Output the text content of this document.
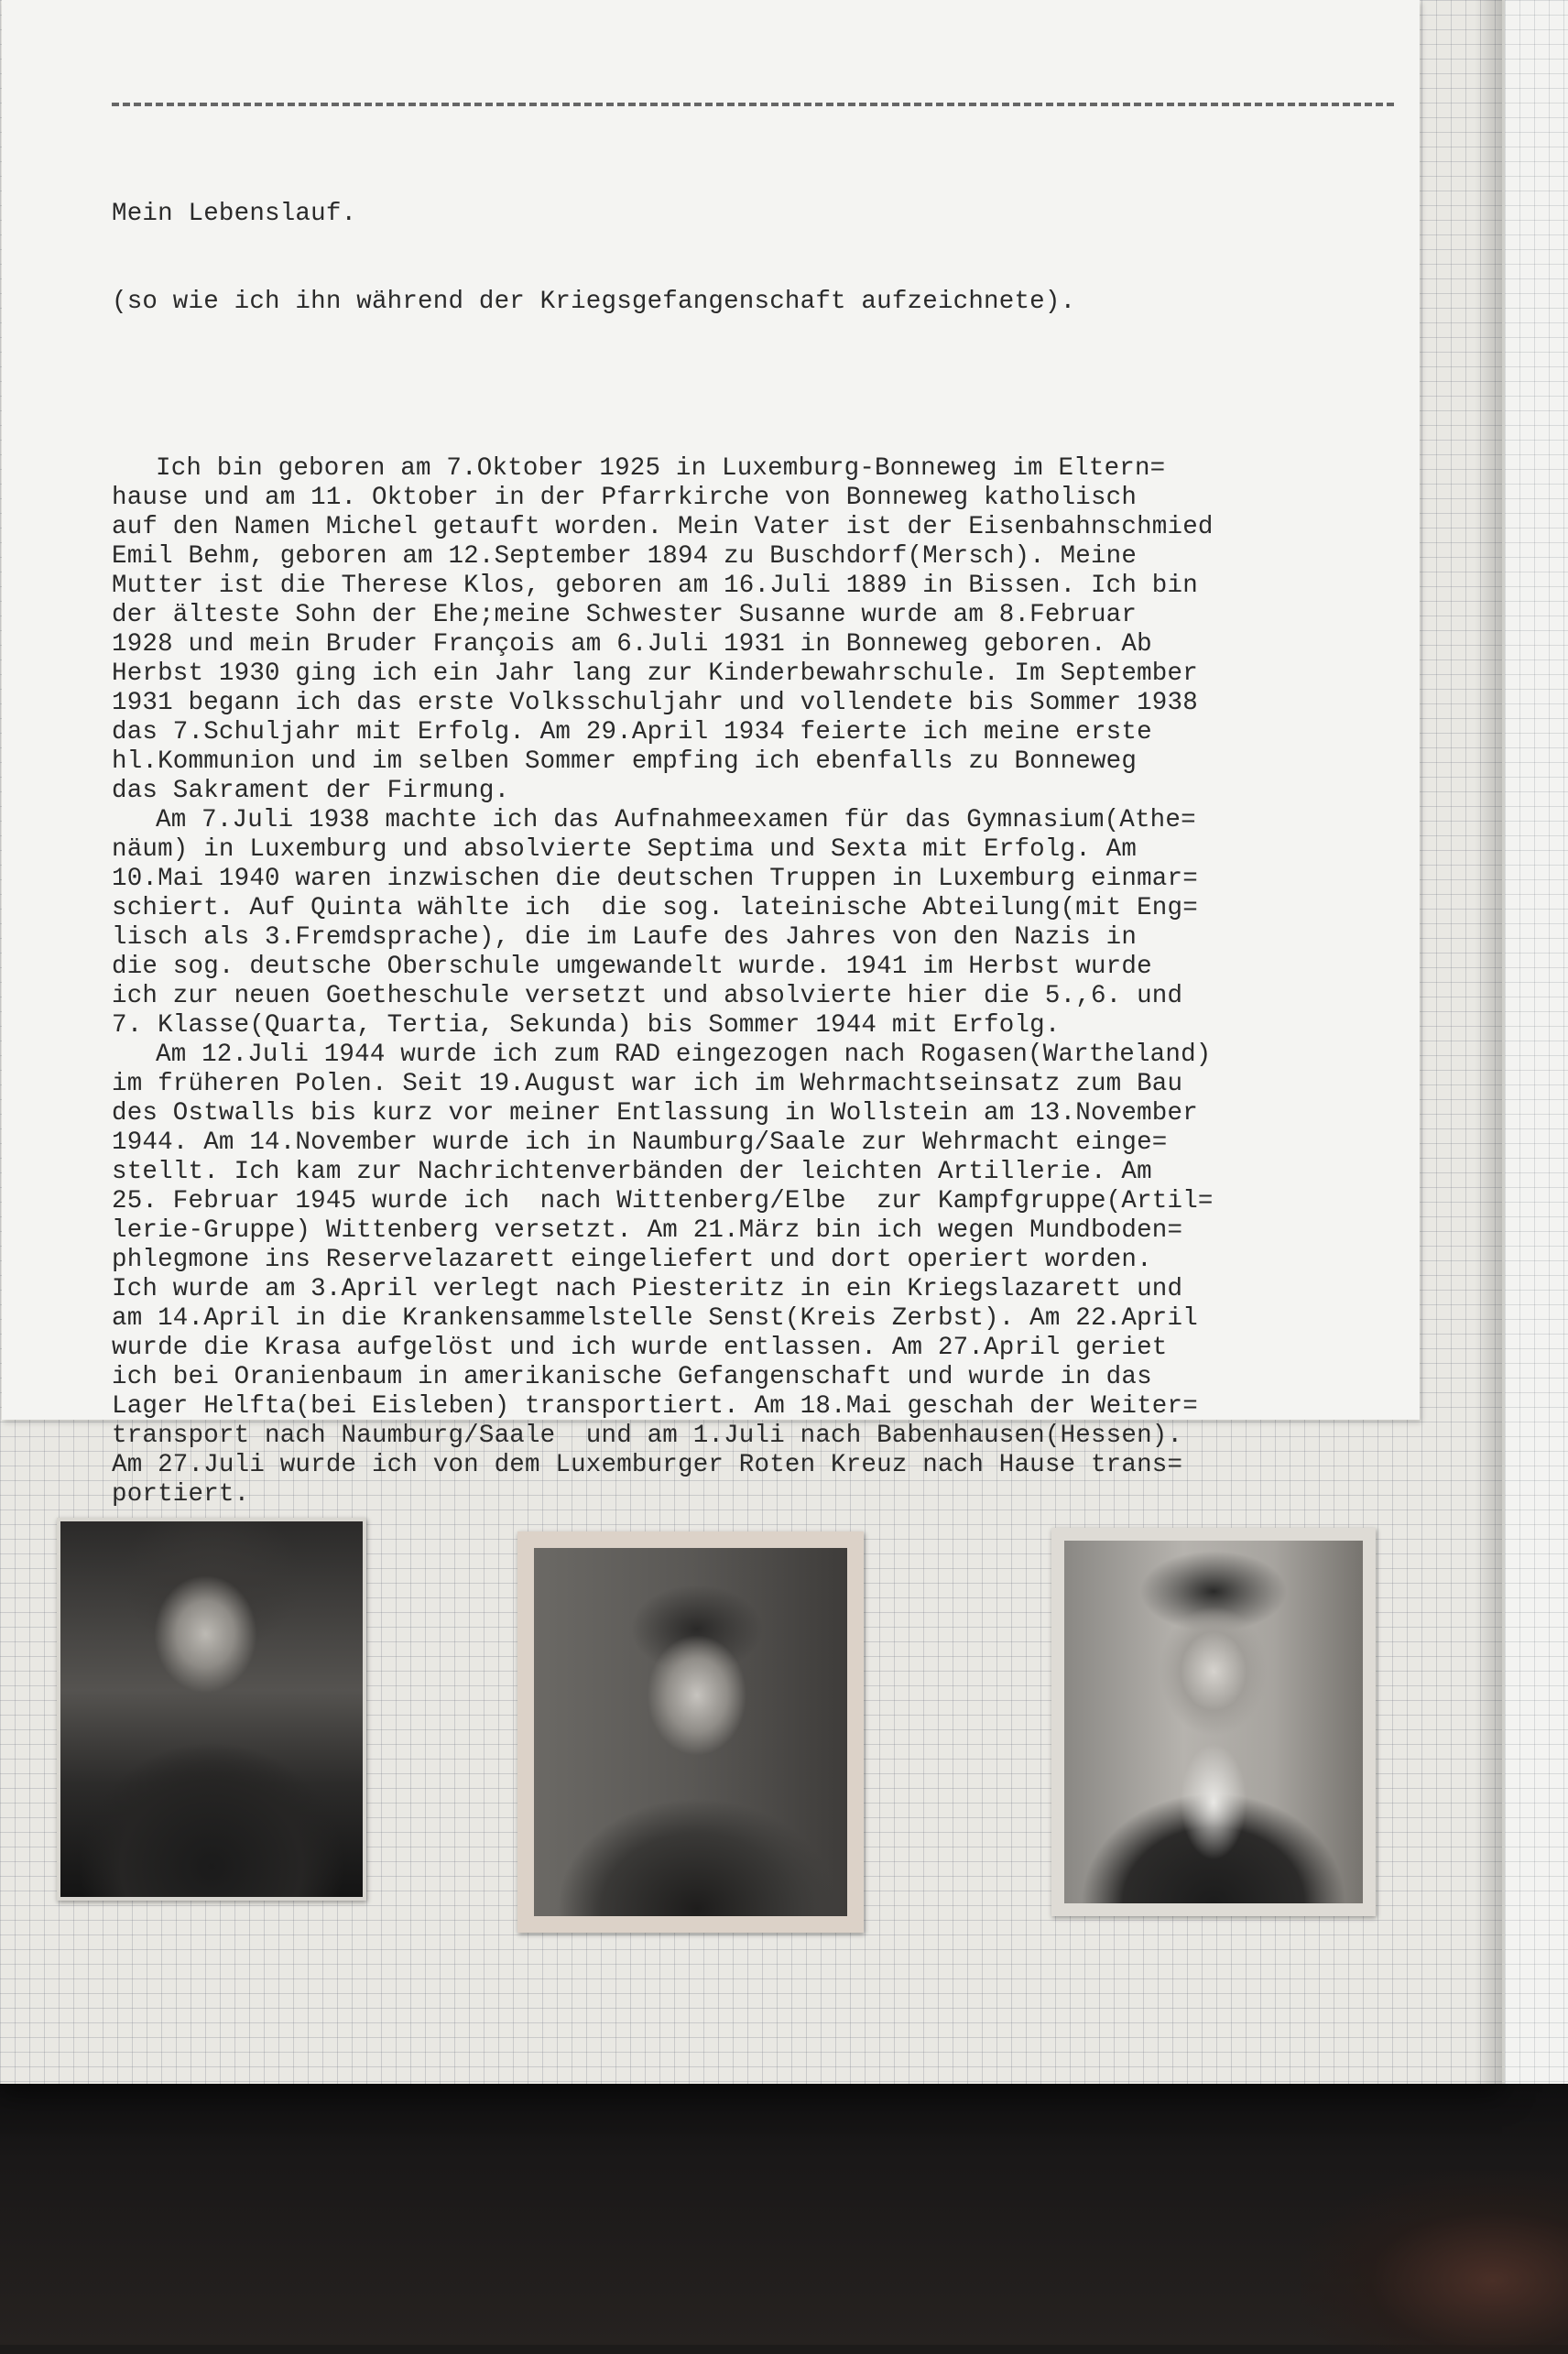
Mein Lebenslauf.

(so wie ich ihn während der Kriegsgefangenschaft aufzeichnete).

Ich bin geboren am 7.Oktober 1925 in Luxemburg-Bonneweg im Eltern=
hause und am 11. Oktober in der Pfarrkirche von Bonneweg katholisch
auf den Namen Michel getauft worden. Mein Vater ist der Eisenbahnschmied
Emil Behm, geboren am 12.September 1894 zu Buschdorf(Mersch). Meine
Mutter ist die Therese Klos, geboren am 16.Juli 1889 in Bissen. Ich bin
der älteste Sohn der Ehe;meine Schwester Susanne wurde am 8.Februar
1928 und mein Bruder François am 6.Juli 1931 in Bonneweg geboren. Ab
Herbst 1930 ging ich ein Jahr lang zur Kinderbewahrschule. Im September
1931 begann ich das erste Volksschuljahr und vollendete bis Sommer 1938
das 7.Schuljahr mit Erfolg. Am 29.April 1934 feierte ich meine erste
hl.Kommunion und im selben Sommer empfing ich ebenfalls zu Bonneweg
das Sakrament der Firmung.
Am 7.Juli 1938 machte ich das Aufnahmeexamen für das Gymnasium(Athe=
näum) in Luxemburg und absolvierte Septima und Sexta mit Erfolg. Am
10.Mai 1940 waren inzwischen die deutschen Truppen in Luxemburg einmar=
schiert. Auf Quinta wählte ich  die sog. lateinische Abteilung(mit Eng=
lisch als 3.Fremdsprache), die im Laufe des Jahres von den Nazis in
die sog. deutsche Oberschule umgewandelt wurde. 1941 im Herbst wurde
ich zur neuen Goetheschule versetzt und absolvierte hier die 5.,6. und
7. Klasse(Quarta, Tertia, Sekunda) bis Sommer 1944 mit Erfolg.
Am 12.Juli 1944 wurde ich zum RAD eingezogen nach Rogasen(Wartheland)
im früheren Polen. Seit 19.August war ich im Wehrmachtseinsatz zum Bau
des Ostwalls bis kurz vor meiner Entlassung in Wollstein am 13.November
1944. Am 14.November wurde ich in Naumburg/Saale zur Wehrmacht einge=
stellt. Ich kam zur Nachrichtenverbänden der leichten Artillerie. Am
25. Februar 1945 wurde ich  nach Wittenberg/Elbe  zur Kampfgruppe(Artil=
lerie-Gruppe) Wittenberg versetzt. Am 21.März bin ich wegen Mundboden=
phlegmone ins Reservelazarett eingeliefert und dort operiert worden.
Ich wurde am 3.April verlegt nach Piesteritz in ein Kriegslazarett und
am 14.April in die Krankensammelstelle Senst(Kreis Zerbst). Am 22.April
wurde die Krasa aufgelöst und ich wurde entlassen. Am 27.April geriet
ich bei Oranienbaum in amerikanische Gefangenschaft und wurde in das
Lager Helfta(bei Eisleben) transportiert. Am 18.Mai geschah der Weiter=
transport nach Naumburg/Saale  und am 1.Juli nach Babenhausen(Hessen).
Am 27.Juli wurde ich von dem Luxemburger Roten Kreuz nach Hause trans=
portiert.
